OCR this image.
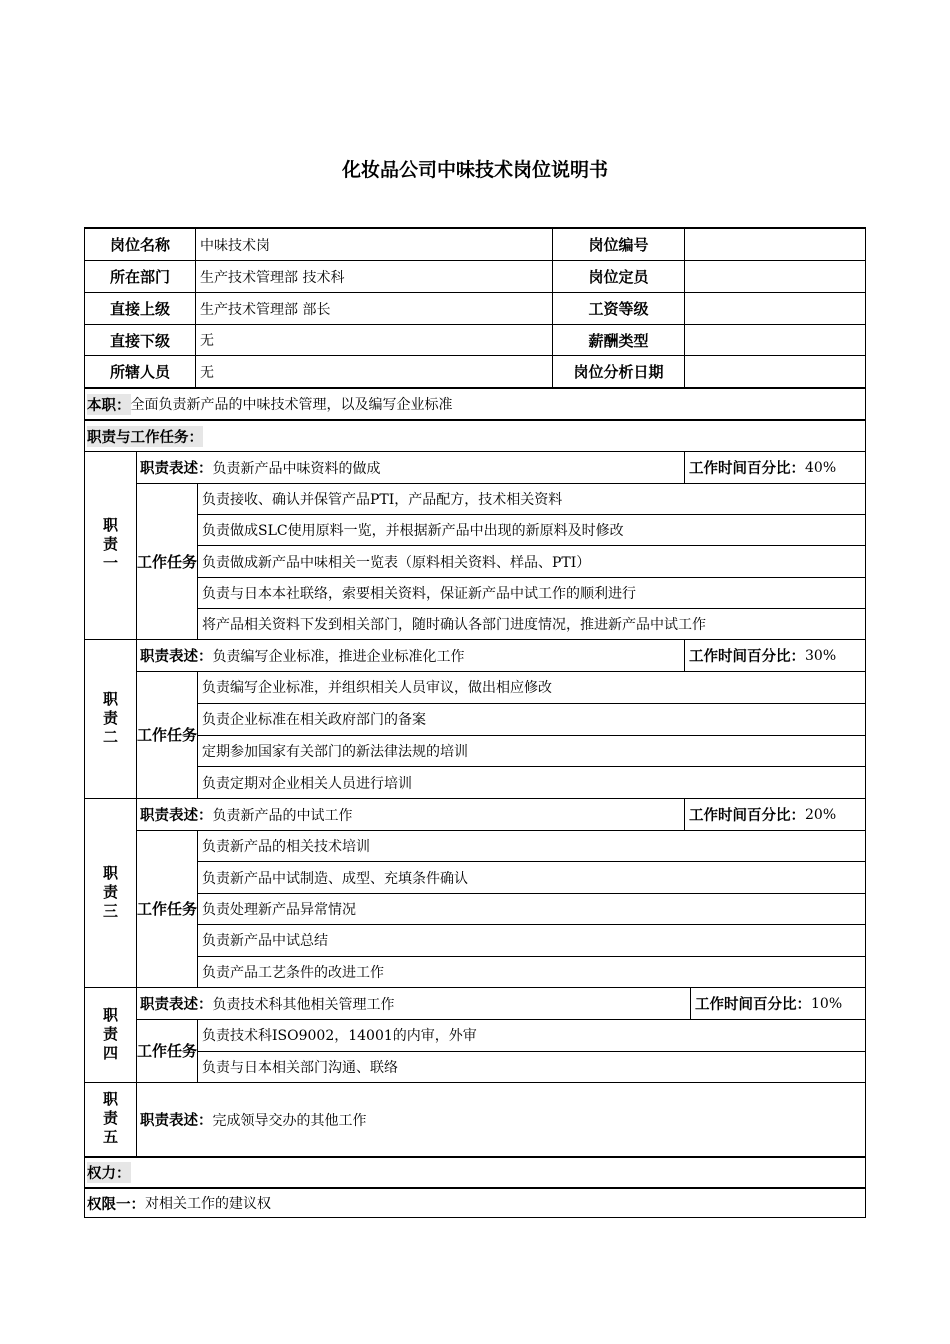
化妆品公司中味技术岗位说明书
岗位名称	中味技术岗	岗位编号
所在部门	生产技术管理部 技术科	岗位定员
直接上级	生产技术管理部 部长	工资等级
直接下级	无	薪酬类型
所辖人员	无	岗位分析日期
本职： 全面负责新产品的中味技术管理，以及编写企业标准
职责与工作任务：
职责一
职责表述： 负责新产品中味资料的做成	工作时间百分比： 40%
工作 任务
负责接收、确认并保管产品PTI，产品配方，技术相关资料
负责做成SLC使用原料一览，并根据新产品中出现的新原料及时修改
负责做成新产品中味相关一览表（原料相关资料、样品、PTI）
负责与日本本社联络，索要相关资料，保证新产品中试工作的顺利进行
将产品相关资料下发到相关部门，随时确认各部门进度情况，推进新产品中试工作
职责二
职责表述： 负责编写企业标准，推进企业标准化工作	工作时间百分比： 30%
工作 任务
负责编写企业标准，并组织相关人员审议，做出相应修改
负责企业标准在相关政府部门的备案
定期参加国家有关部门的新法律法规的培训
负责定期对企业相关人员进行培训
职责三
职责表述： 负责新产品的中试工作	工作时间百分比： 20%
工作 任务
负责新产品的相关技术培训
负责新产品中试制造、成型、充填条件确认
负责处理新产品异常情况
负责新产品中试总结
负责产品工艺条件的改进工作
职责四
职责表述： 负责技术科其他相关管理工作	工作时间百分比： 10%
工作 任务
负责技术科ISO9002，14001的内审，外审
负责与日本相关部门沟通、联络
职责五	职责表述： 完成领导交办的其他工作
权力：
权限一： 对相关工作的建议权
